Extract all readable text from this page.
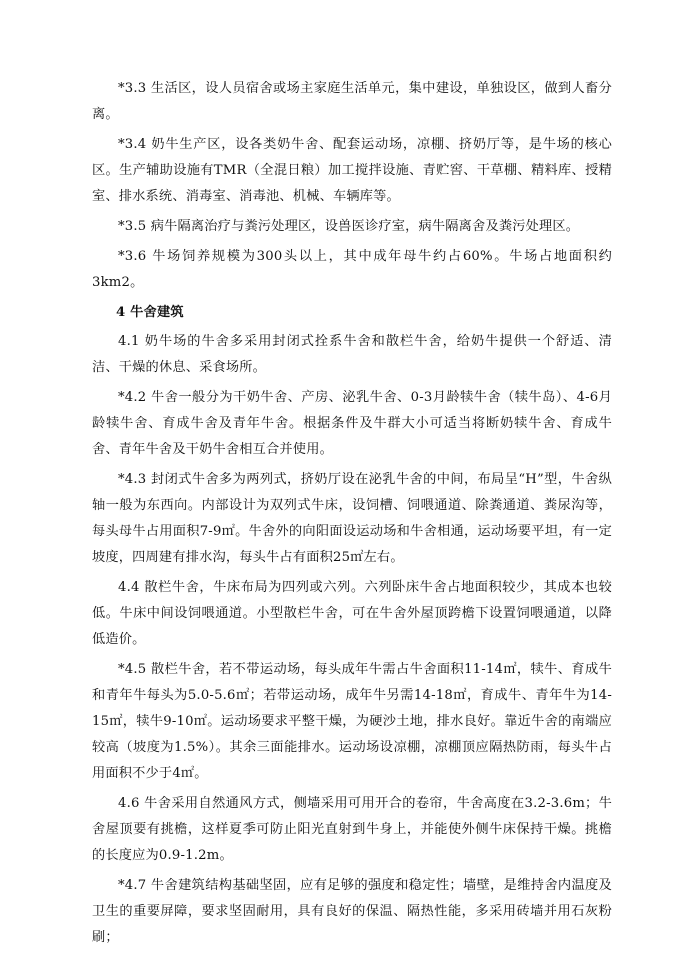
*3.3 生活区，设人员宿舍或场主家庭生活单元，集中建设，单独设区，做到人畜分离。

*3.4 奶牛生产区，设各类奶牛舍、配套运动场，凉棚、挤奶厅等，是牛场的核心区。生产辅助设施有TMR（全混日粮）加工搅拌设施、青贮窖、干草棚、精料库、授精室、排水系统、消毒室、消毒池、机械、车辆库等。

*3.5 病牛隔离治疗与粪污处理区，设兽医诊疗室，病牛隔离舍及粪污处理区。

*3.6 牛场饲养规模为300头以上，其中成年母牛约占60%。牛场占地面积约3km2。

4 牛舍建筑

4.1 奶牛场的牛舍多采用封闭式拴系牛舍和散栏牛舍，给奶牛提供一个舒适、清洁、干燥的休息、采食场所。

*4.2 牛舍一般分为干奶牛舍、产房、泌乳牛舍、0-3月龄犊牛舍（犊牛岛）、4-6月龄犊牛舍、育成牛舍及青年牛舍。根据条件及牛群大小可适当将断奶犊牛舍、育成牛舍、青年牛舍及干奶牛舍相互合并使用。

*4.3 封闭式牛舍多为两列式，挤奶厅设在泌乳牛舍的中间，布局呈“H”型，牛舍纵轴一般为东西向。内部设计为双列式牛床，设饲槽、饲喂通道、除粪通道、粪尿沟等，每头母牛占用面积7-9㎡。牛舍外的向阳面设运动场和牛舍相通，运动场要平坦，有一定坡度，四周建有排水沟，每头牛占有面积25㎡左右。

4.4 散栏牛舍，牛床布局为四列或六列。六列卧床牛舍占地面积较少，其成本也较低。牛床中间设饲喂通道。小型散栏牛舍，可在牛舍外屋顶跨檐下设置饲喂通道，以降低造价。

*4.5 散栏牛舍，若不带运动场，每头成年牛需占牛舍面积11-14㎡，犊牛、育成牛和青年牛每头为5.0-5.6㎡；若带运动场，成年牛另需14-18㎡，育成牛、青年牛为14-15㎡，犊牛9-10㎡。运动场要求平整干燥，为硬沙土地，排水良好。靠近牛舍的南端应较高（坡度为1.5%）。其余三面能排水。运动场设凉棚，凉棚顶应隔热防雨，每头牛占用面积不少于4㎡。

4.6 牛舍采用自然通风方式，侧墙采用可用开合的卷帘，牛舍高度在3.2-3.6m；牛舍屋顶要有挑檐，这样夏季可防止阳光直射到牛身上，并能使外侧牛床保持干燥。挑檐的长度应为0.9-1.2m。

*4.7 牛舍建筑结构基础坚固，应有足够的强度和稳定性；墙壁，是维持舍内温度及卫生的重要屏障，要求坚固耐用，具有良好的保温、隔热性能，多采用砖墙并用石灰粉刷；
